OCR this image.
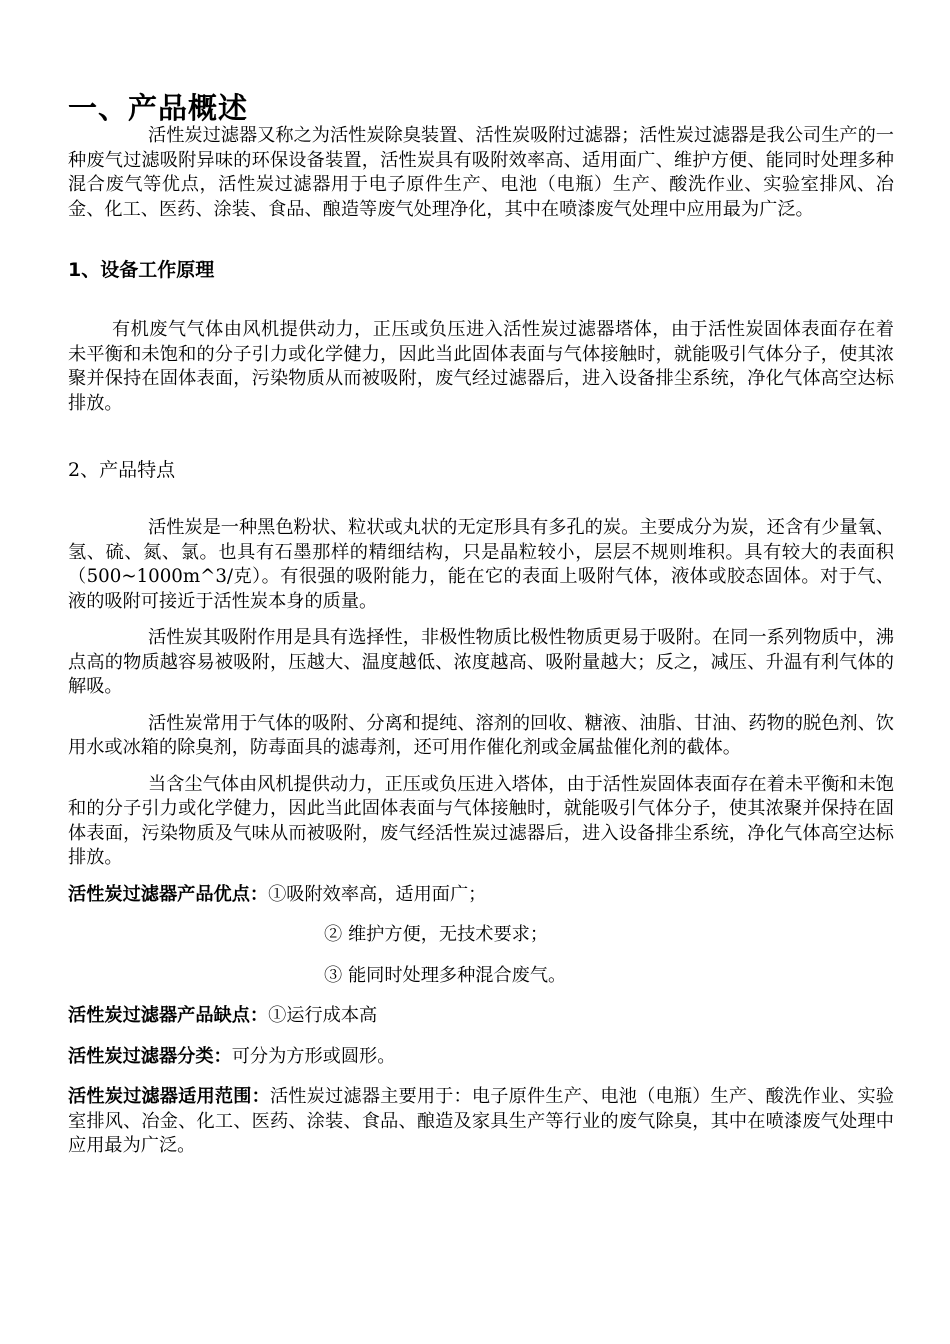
一、产品概述

活性炭过滤器又称之为活性炭除臭装置、活性炭吸附过滤器；活性炭过滤器是我公司生产的一种废气过滤吸附异味的环保设备装置，活性炭具有吸附效率高、适用面广、维护方便、能同时处理多种混合废气等优点，活性炭过滤器用于电子原件生产、电池（电瓶）生产、酸洗作业、实验室排风、冶金、化工、医药、涂装、食品、酿造等废气处理净化，其中在喷漆废气处理中应用最为广泛。

1、设备工作原理

有机废气气体由风机提供动力，正压或负压进入活性炭过滤器塔体，由于活性炭固体表面存在着未平衡和未饱和的分子引力或化学健力，因此当此固体表面与气体接触时，就能吸引气体分子，使其浓聚并保持在固体表面，污染物质从而被吸附，废气经过滤器后，进入设备排尘系统，净化气体高空达标排放。

2、产品特点

活性炭是一种黑色粉状、粒状或丸状的无定形具有多孔的炭。主要成分为炭，还含有少量氧、氢、硫、氮、氯。也具有石墨那样的精细结构，只是晶粒较小，层层不规则堆积。具有较大的表面积（500~1000m^3/克）。有很强的吸附能力，能在它的表面上吸附气体，液体或胶态固体。对于气、液的吸附可接近于活性炭本身的质量。

活性炭其吸附作用是具有选择性，非极性物质比极性物质更易于吸附。在同一系列物质中，沸点高的物质越容易被吸附，压越大、温度越低、浓度越高、吸附量越大；反之，减压、升温有利气体的解吸。

活性炭常用于气体的吸附、分离和提纯、溶剂的回收、糖液、油脂、甘油、药物的脱色剂、饮用水或冰箱的除臭剂，防毒面具的滤毒剂，还可用作催化剂或金属盐催化剂的截体。

当含尘气体由风机提供动力，正压或负压进入塔体，由于活性炭固体表面存在着未平衡和未饱和的分子引力或化学健力，因此当此固体表面与气体接触时，就能吸引气体分子，使其浓聚并保持在固体表面，污染物质及气味从而被吸附，废气经活性炭过滤器后，进入设备排尘系统，净化气体高空达标排放。

活性炭过滤器产品优点：①吸附效率高，适用面广；

② 维护方便，无技术要求；

③ 能同时处理多种混合废气。

活性炭过滤器产品缺点：①运行成本高

活性炭过滤器分类：可分为方形或圆形。

活性炭过滤器适用范围：活性炭过滤器主要用于：电子原件生产、电池（电瓶）生产、酸洗作业、实验室排风、冶金、化工、医药、涂装、食品、酿造及家具生产等行业的废气除臭，其中在喷漆废气处理中应用最为广泛。
